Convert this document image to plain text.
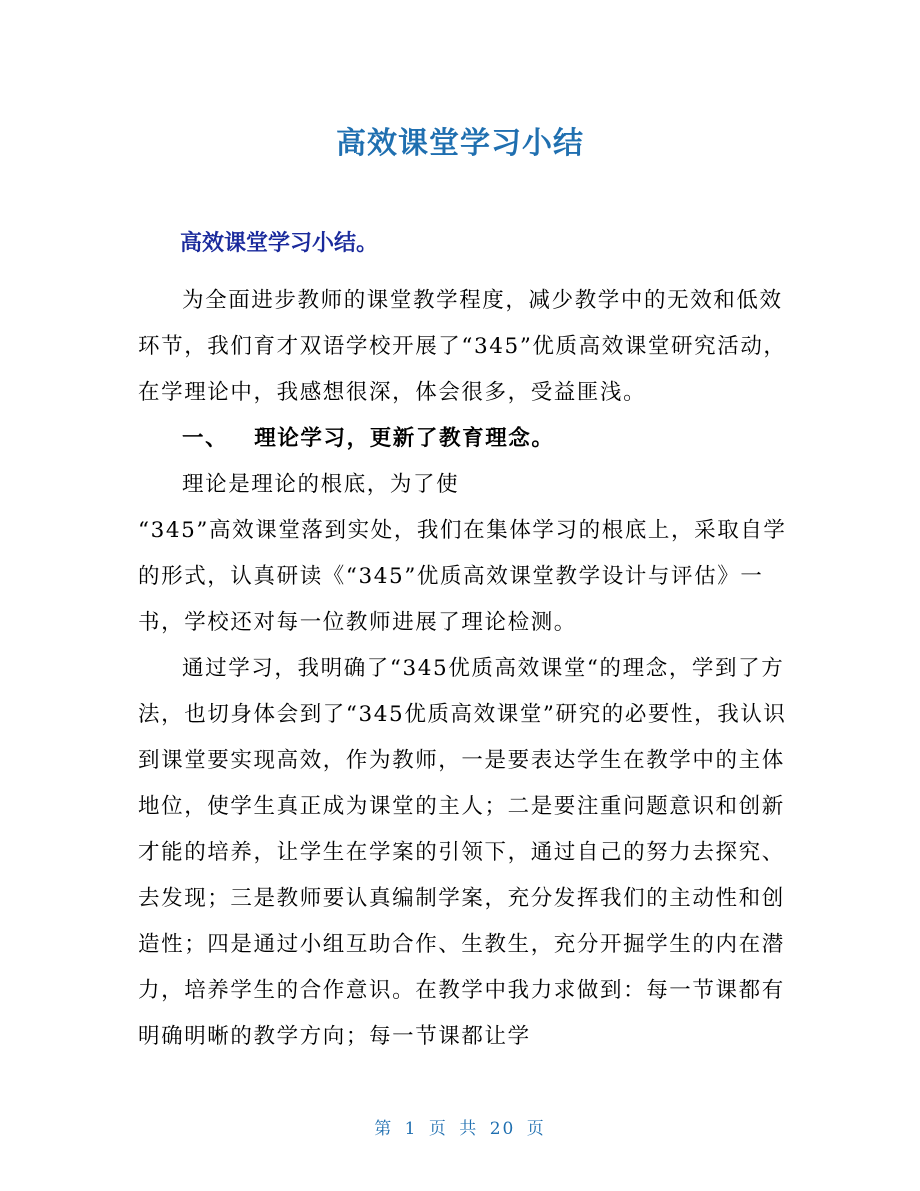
高效课堂学习小结
高效课堂学习小结。

为全面进步教师的课堂教学程度，减少教学中的无效和低效环节，我们育才双语学校开展了“345”优质高效课堂研究活动，在学理论中，我感想很深，体会很多，受益匪浅。

一、 理论学习，更新了教育理念。

理论是理论的根底，为了使

“345”高效课堂落到实处，我们在集体学习的根底上，采取自学的形式，认真研读《“345”优质高效课堂教学设计与评估》一书，学校还对每一位教师进展了理论检测。

通过学习，我明确了“345优质高效课堂“的理念，学到了方法，也切身体会到了“345优质高效课堂”研究的必要性，我认识到课堂要实现高效，作为教师，一是要表达学生在教学中的主体地位，使学生真正成为课堂的主人；二是要注重问题意识和创新才能的培养，让学生在学案的引领下，通过自己的努力去探究、去发现；三是教师要认真编制学案，充分发挥我们的主动性和创造性；四是通过小组互助合作、生教生，充分开掘学生的内在潜力，培养学生的合作意识。在教学中我力求做到：每一节课都有明确明晰的教学方向；每一节课都让学

第 1 页 共 20 页
